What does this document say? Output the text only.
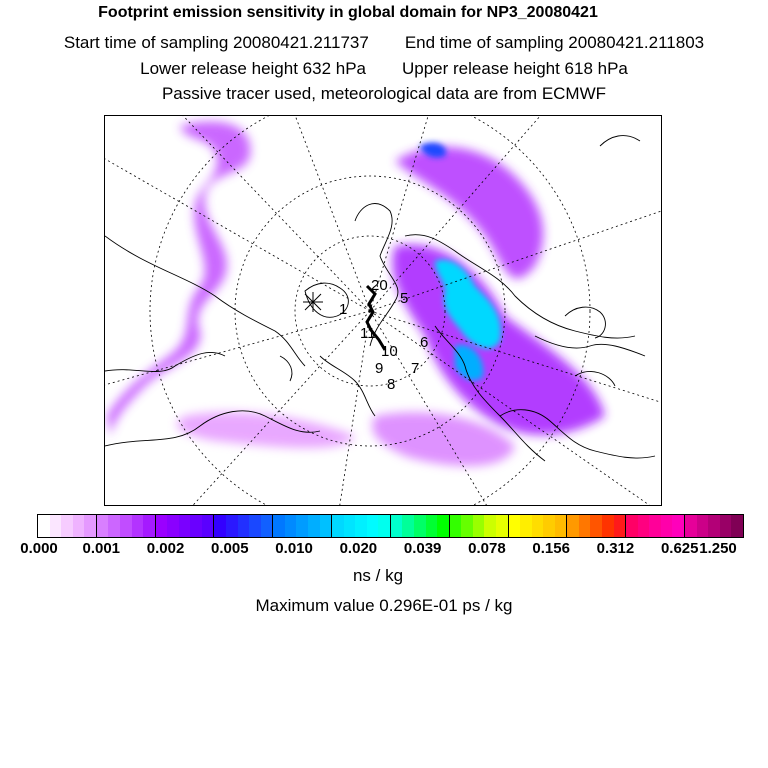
Footprint emission sensitivity in global domain for NP3_20080421
Start time of sampling 20080421.211737 End time of sampling 20080421.211803
Lower release height 632 hPa Upper release height 618 hPa
Passive tracer used, meteorological data are from ECMWF
1
20
5
11
6
10
9 7
8
0.000 0.001 0.002 0.005 0.010 0.020 0.039 0.078 0.156 0.312 0.625 1.250
ns / kg
Maximum value 0.296E-01 ps / kg
